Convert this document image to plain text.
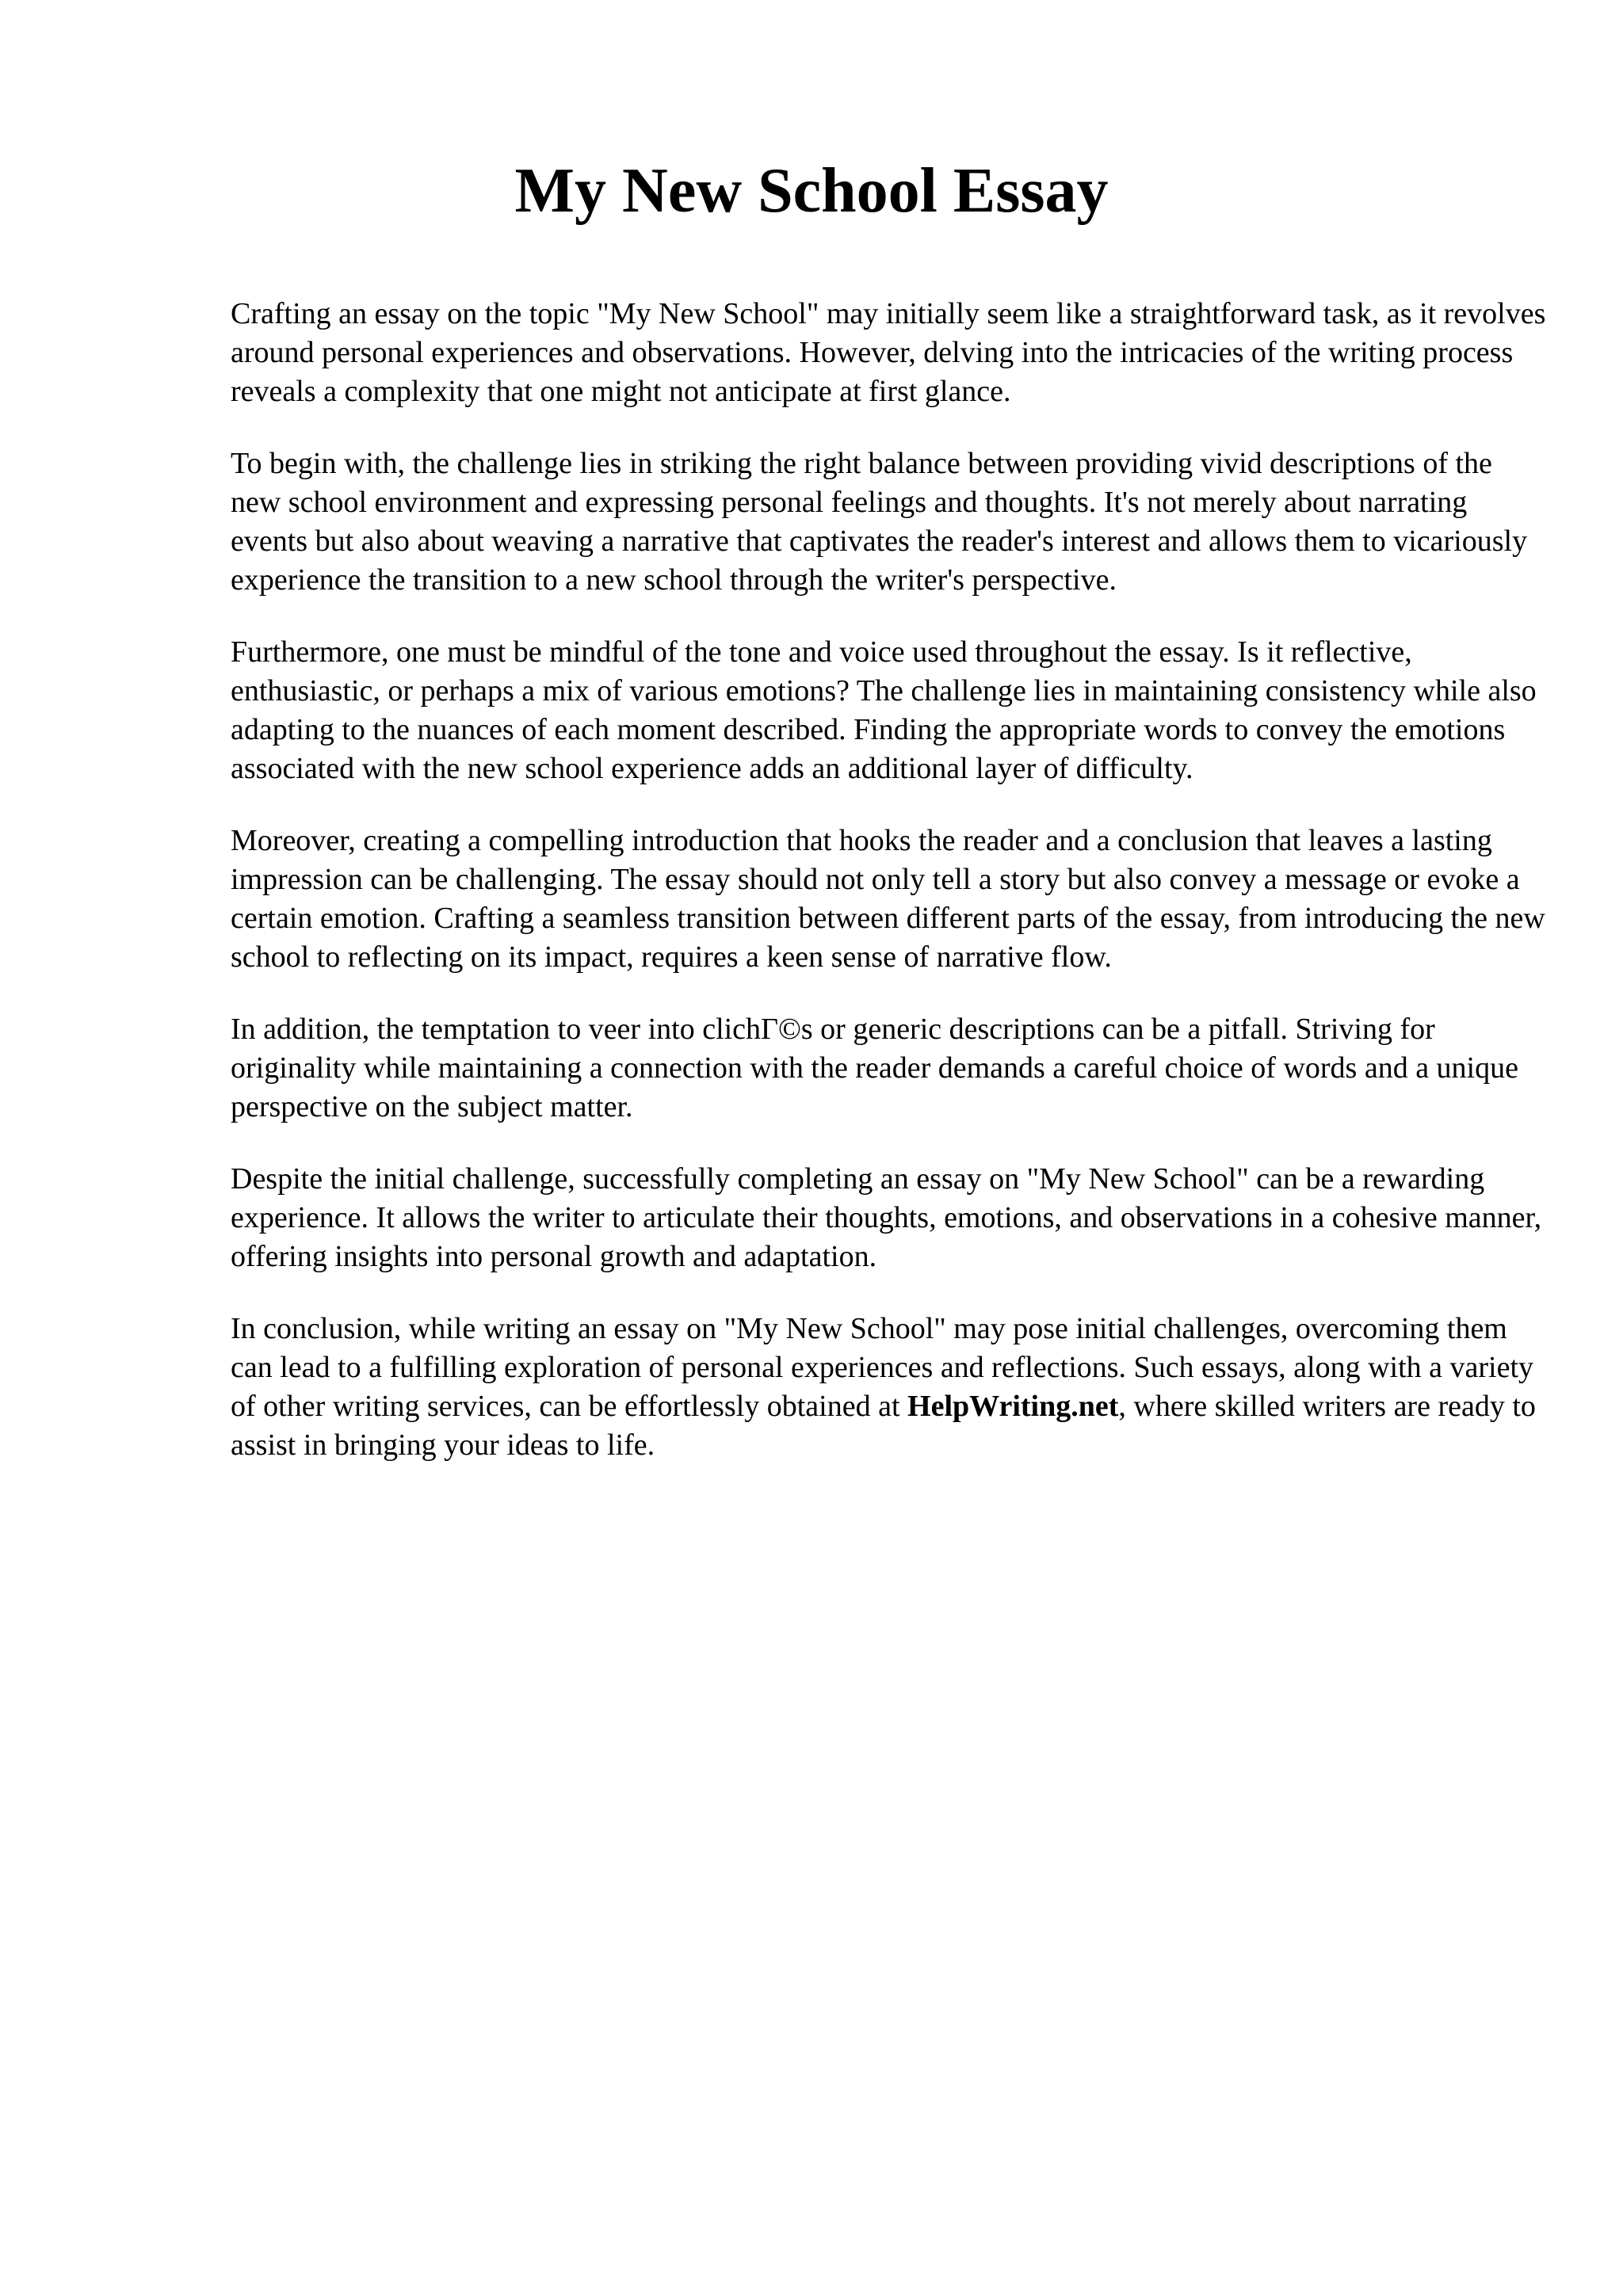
My New School Essay

Crafting an essay on the topic "My New School" may initially seem like a straightforward task, as it revolves around personal experiences and observations. However, delving into the intricacies of the writing process reveals a complexity that one might not anticipate at first glance.

To begin with, the challenge lies in striking the right balance between providing vivid descriptions of the new school environment and expressing personal feelings and thoughts. It's not merely about narrating events but also about weaving a narrative that captivates the reader's interest and allows them to vicariously experience the transition to a new school through the writer's perspective.

Furthermore, one must be mindful of the tone and voice used throughout the essay. Is it reflective, enthusiastic, or perhaps a mix of various emotions? The challenge lies in maintaining consistency while also adapting to the nuances of each moment described. Finding the appropriate words to convey the emotions associated with the new school experience adds an additional layer of difficulty.

Moreover, creating a compelling introduction that hooks the reader and a conclusion that leaves a lasting impression can be challenging. The essay should not only tell a story but also convey a message or evoke a certain emotion. Crafting a seamless transition between different parts of the essay, from introducing the new school to reflecting on its impact, requires a keen sense of narrative flow.

In addition, the temptation to veer into clichΓ©s or generic descriptions can be a pitfall. Striving for originality while maintaining a connection with the reader demands a careful choice of words and a unique perspective on the subject matter.

Despite the initial challenge, successfully completing an essay on "My New School" can be a rewarding experience. It allows the writer to articulate their thoughts, emotions, and observations in a cohesive manner, offering insights into personal growth and adaptation.

In conclusion, while writing an essay on "My New School" may pose initial challenges, overcoming them can lead to a fulfilling exploration of personal experiences and reflections. Such essays, along with a variety of other writing services, can be effortlessly obtained at HelpWriting.net, where skilled writers are ready to assist in bringing your ideas to life.
